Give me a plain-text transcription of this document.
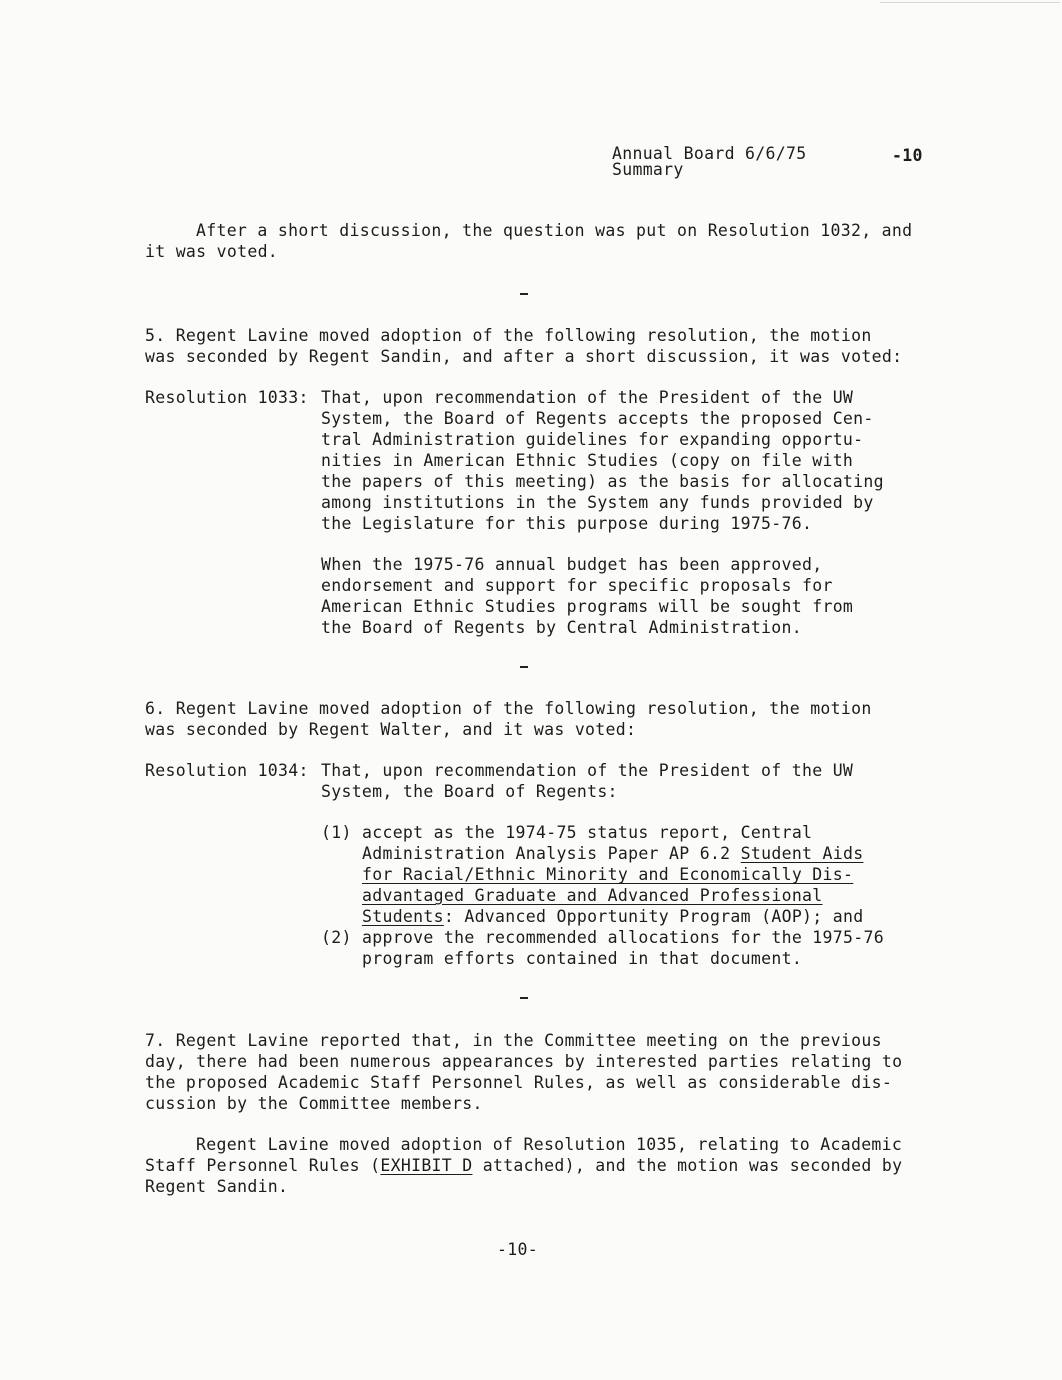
Annual Board 6/6/75
Summary
-10
After a short discussion, the question was put on Resolution 1032, and
it was voted.
5. Regent Lavine moved adoption of the following resolution, the motion
was seconded by Regent Sandin, and after a short discussion, it was voted:
Resolution 1033: That, upon recommendation of the President of the UW
System, the Board of Regents accepts the proposed Cen-
tral Administration guidelines for expanding opportu-
nities in American Ethnic Studies (copy on file with
the papers of this meeting) as the basis for allocating
among institutions in the System any funds provided by
the Legislature for this purpose during 1975-76.
When the 1975-76 annual budget has been approved,
endorsement and support for specific proposals for
American Ethnic Studies programs will be sought from
the Board of Regents by Central Administration.
6. Regent Lavine moved adoption of the following resolution, the motion
was seconded by Regent Walter, and it was voted:
Resolution 1034: That, upon recommendation of the President of the UW
System, the Board of Regents:
(1) accept as the 1974-75 status report, Central
Administration Analysis Paper AP 6.2 Student Aids
for Racial/Ethnic Minority and Economically Dis-
advantaged Graduate and Advanced Professional
Students: Advanced Opportunity Program (AOP); and
(2) approve the recommended allocations for the 1975-76
program efforts contained in that document.
7. Regent Lavine reported that, in the Committee meeting on the previous
day, there had been numerous appearances by interested parties relating to
the proposed Academic Staff Personnel Rules, as well as considerable dis-
cussion by the Committee members.
Regent Lavine moved adoption of Resolution 1035, relating to Academic
Staff Personnel Rules (EXHIBIT D attached), and the motion was seconded by
Regent Sandin.
-10-
